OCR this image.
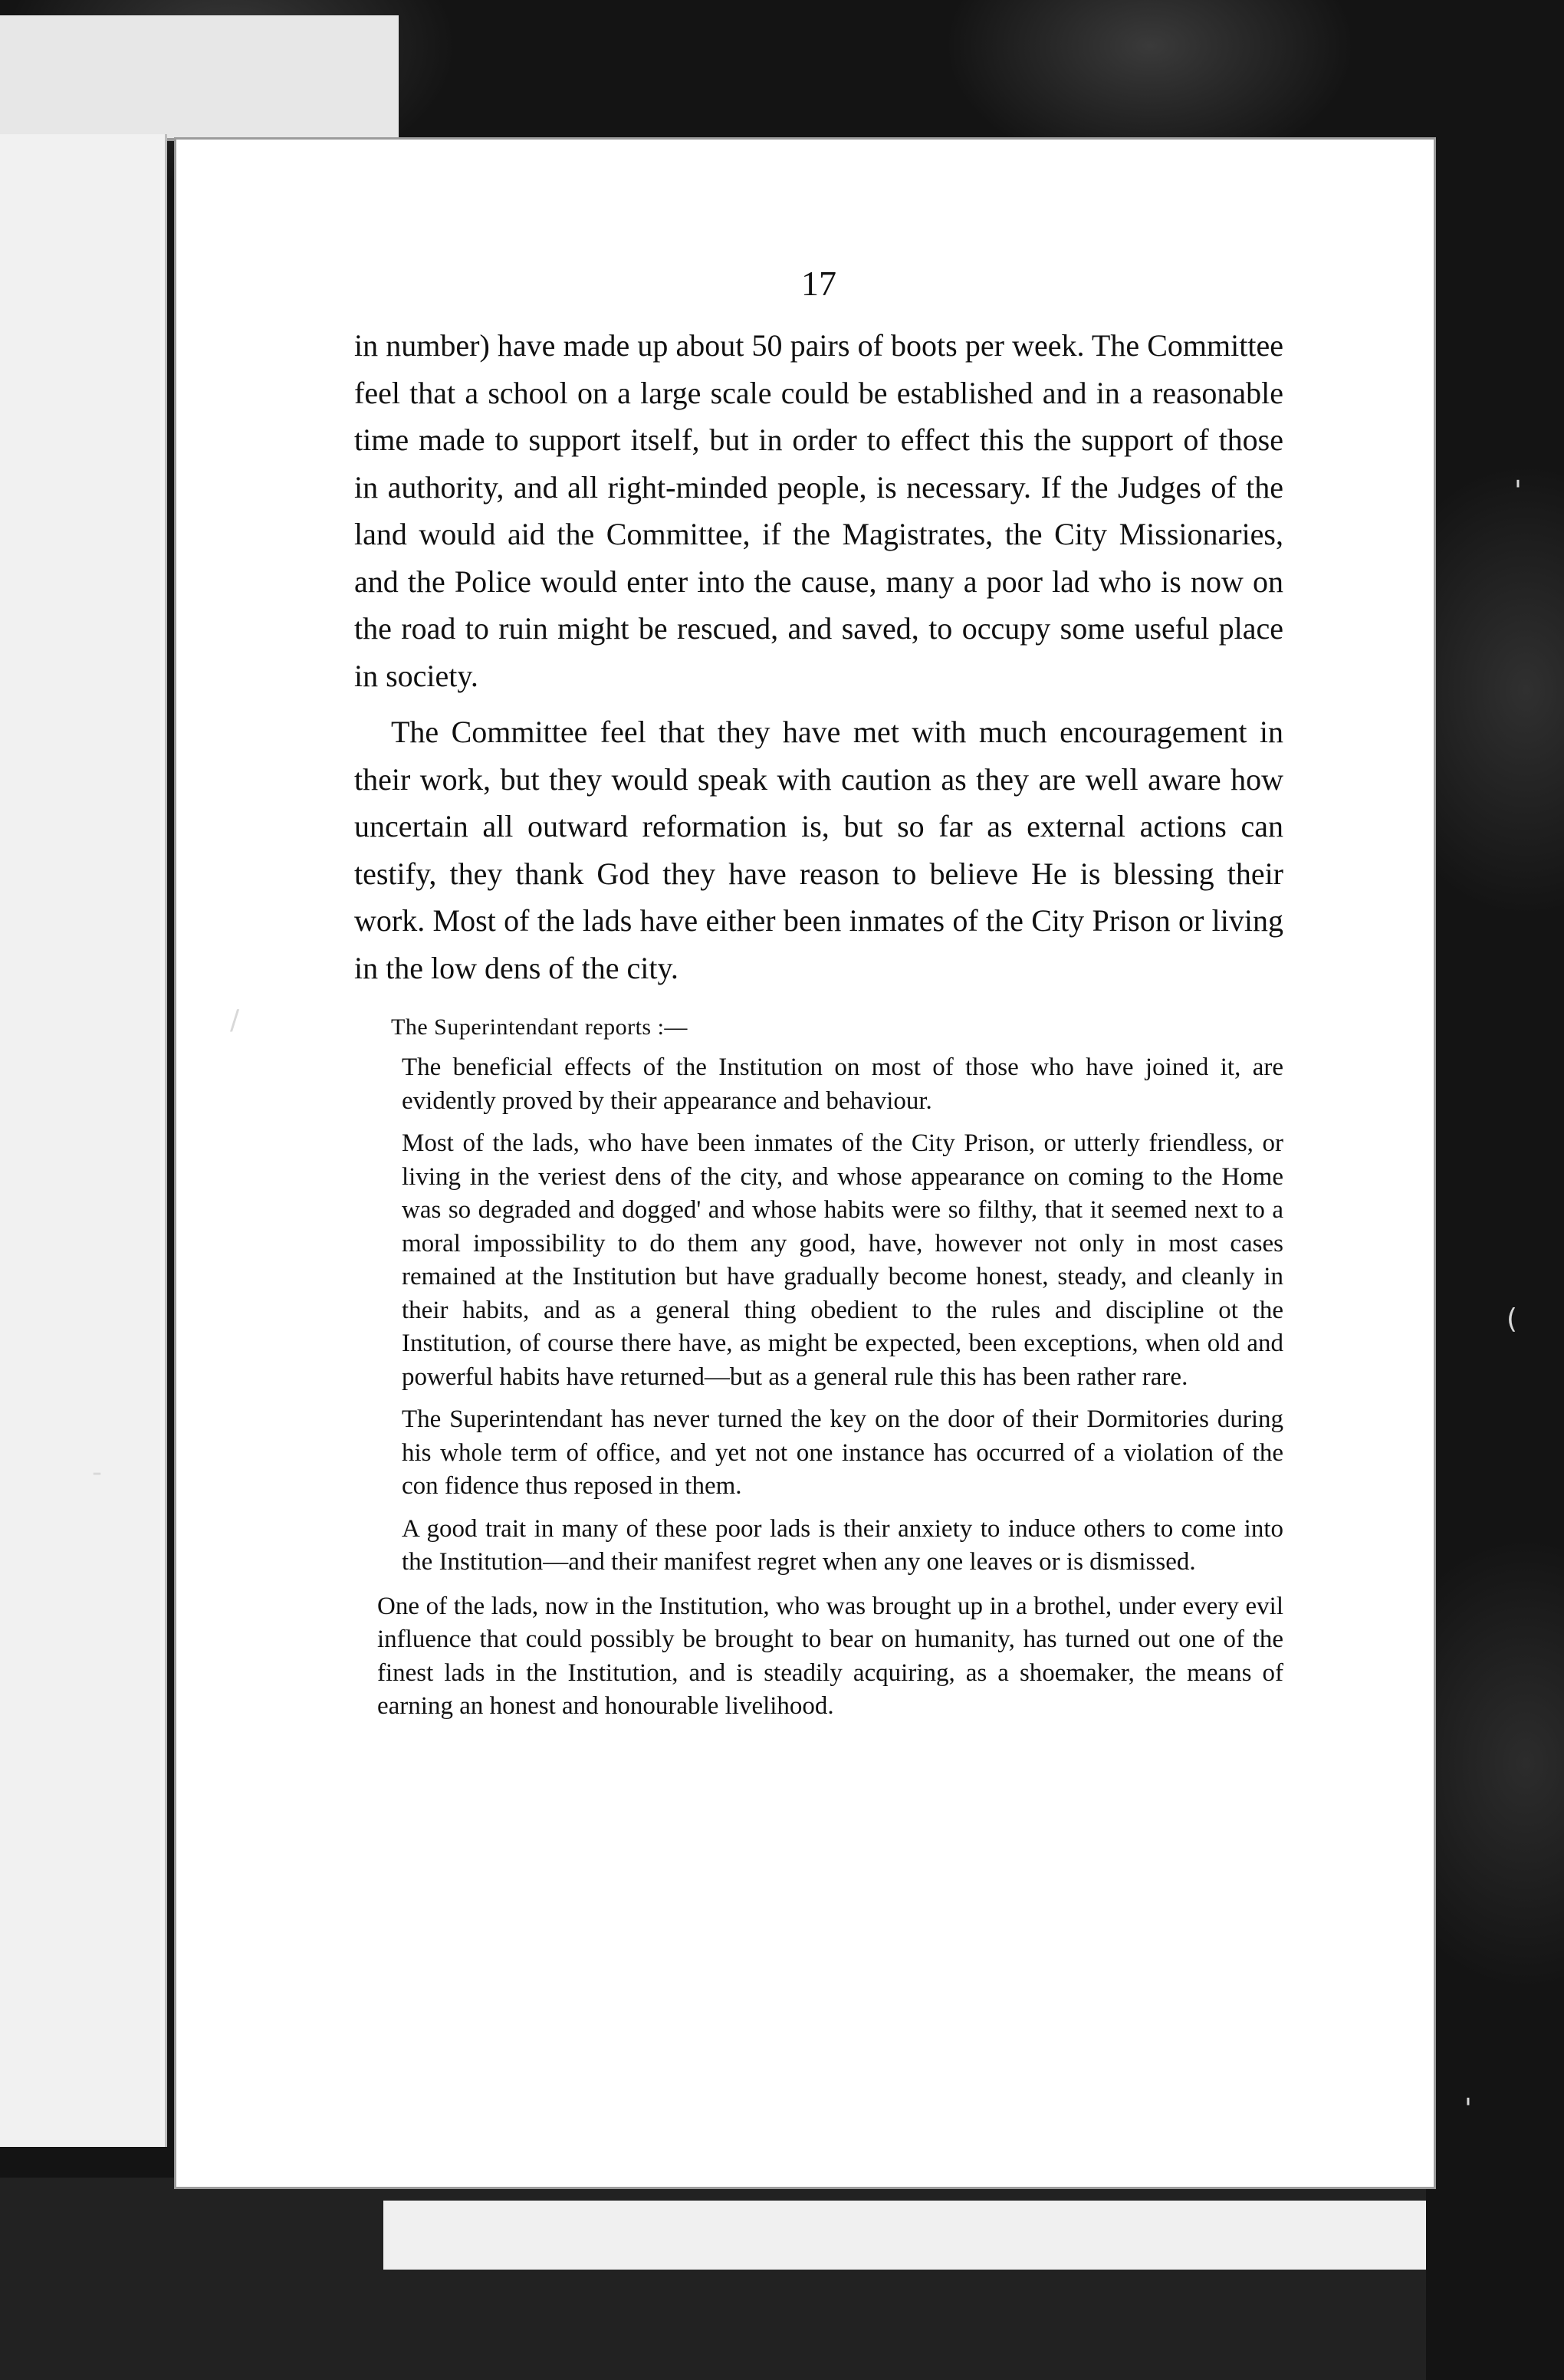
17

in number) have made up about 50 pairs of boots per week. The Committee feel that a school on a large scale could be established and in a reasonable time made to support itself, but in order to effect this the support of those in authority, and all right-minded people, is necessary. If the Judges of the land would aid the Committee, if the Magistrates, the City Missionaries, and the Police would enter into the cause, many a poor lad who is now on the road to ruin might be rescued, and saved, to occupy some useful place in society.

The Committee feel that they have met with much encouragement in their work, but they would speak with caution as they are well aware how uncertain all outward reformation is, but so far as external actions can testify, they thank God they have reason to believe He is blessing their work. Most of the lads have either been inmates of the City Prison or living in the low dens of the city.

The Superintendant reports :—

The beneficial effects of the Institution on most of those who have joined it, are evidently proved by their appearance and behaviour.

Most of the lads, who have been inmates of the City Prison, or utterly friendless, or living in the veriest dens of the city, and whose appearance on coming to the Home was so degraded and dogged' and whose habits were so filthy, that it seemed next to a moral impossibility to do them any good, have, however not only in most cases remained at the Institution but have gradually become honest, steady, and cleanly in their habits, and as a general thing obedient to the rules and discipline ot the Institution, of course there have, as might be expected, been exceptions, when old and powerful habits have returned—but as a general rule this has been rather rare.

The Superintendant has never turned the key on the door of their Dormitories during his whole term of office, and yet not one instance has occurred of a violation of the con fidence thus reposed in them.

A good trait in many of these poor lads is their anxiety to induce others to come into the Institution—and their manifest regret when any one leaves or is dismissed.

One of the lads, now in the Institution, who was brought up in a brothel, under every evil influence that could possibly be brought to bear on humanity, has turned out one of the finest lads in the Institution, and is steadily acquiring, as a shoemaker, the means of earning an honest and honourable livelihood.

'
(
'
-
/
